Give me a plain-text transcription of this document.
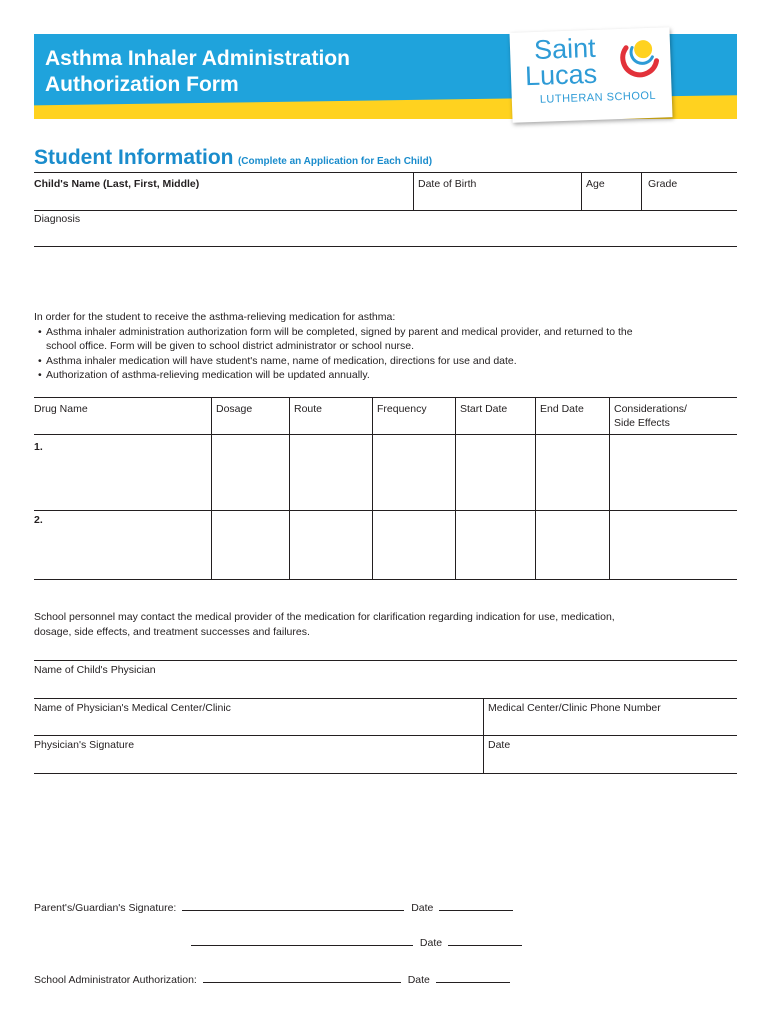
Asthma Inhaler Administration
Authorization Form
Saint
Lucas
LUTHERAN SCHOOL
Student Information (Complete an Application for Each Child)
Child's Name (Last, First, Middle)	Date of Birth	Age	Grade
Diagnosis
In order for the student to receive the asthma-relieving medication for asthma:
• Asthma inhaler administration authorization form will be completed, signed by parent and medical provider, and returned to the
school office. Form will be given to school district administrator or school nurse.
• Asthma inhaler medication will have student's name, name of medication, directions for use and date.
• Authorization of asthma-relieving medication will be updated annually.
Drug Name	Dosage	Route	Frequency	Start Date	End Date	Considerations/
Side Effects
1.
2.
School personnel may contact the medical provider of the medication for clarification regarding indication for use, medication,
dosage, side effects, and treatment successes and failures.
Name of Child's Physician
Name of Physician's Medical Center/Clinic	Medical Center/Clinic Phone Number
Physician's Signature	Date
Parent's/Guardian's Signature:	Date
Date
School Administrator Authorization:	Date
